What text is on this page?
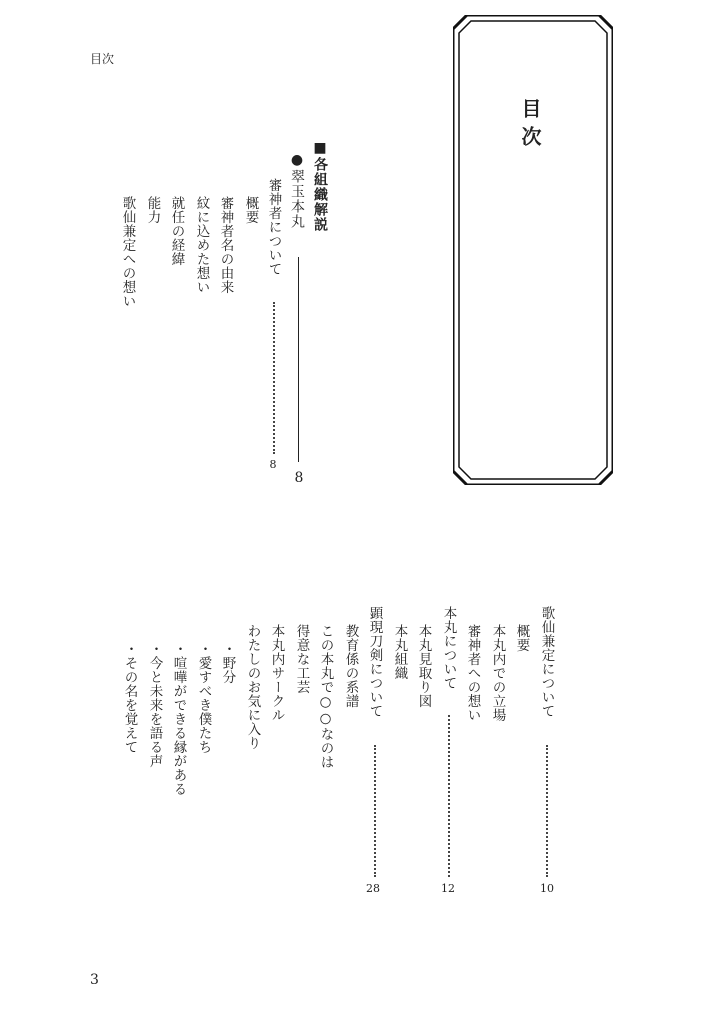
目次
目次
■各組織解説
●翠玉本丸
8
審神者について
8
概要
審神者名の由来
紋に込めた想い
就任の経緯
能力
歌仙兼定への想い
歌仙兼定について
10
概要
本丸内での立場
審神者への想い
本丸について
12
本丸見取り図
本丸組織
顕現刀剣について
28
教育係の系譜
この本丸で○○なのは
得意な工芸
本丸内サークル
わたしのお気に入り
・野分
・愛すべき僕たち
・喧嘩ができる縁がある
・今と未来を語る声
・その名を覚えて
3
